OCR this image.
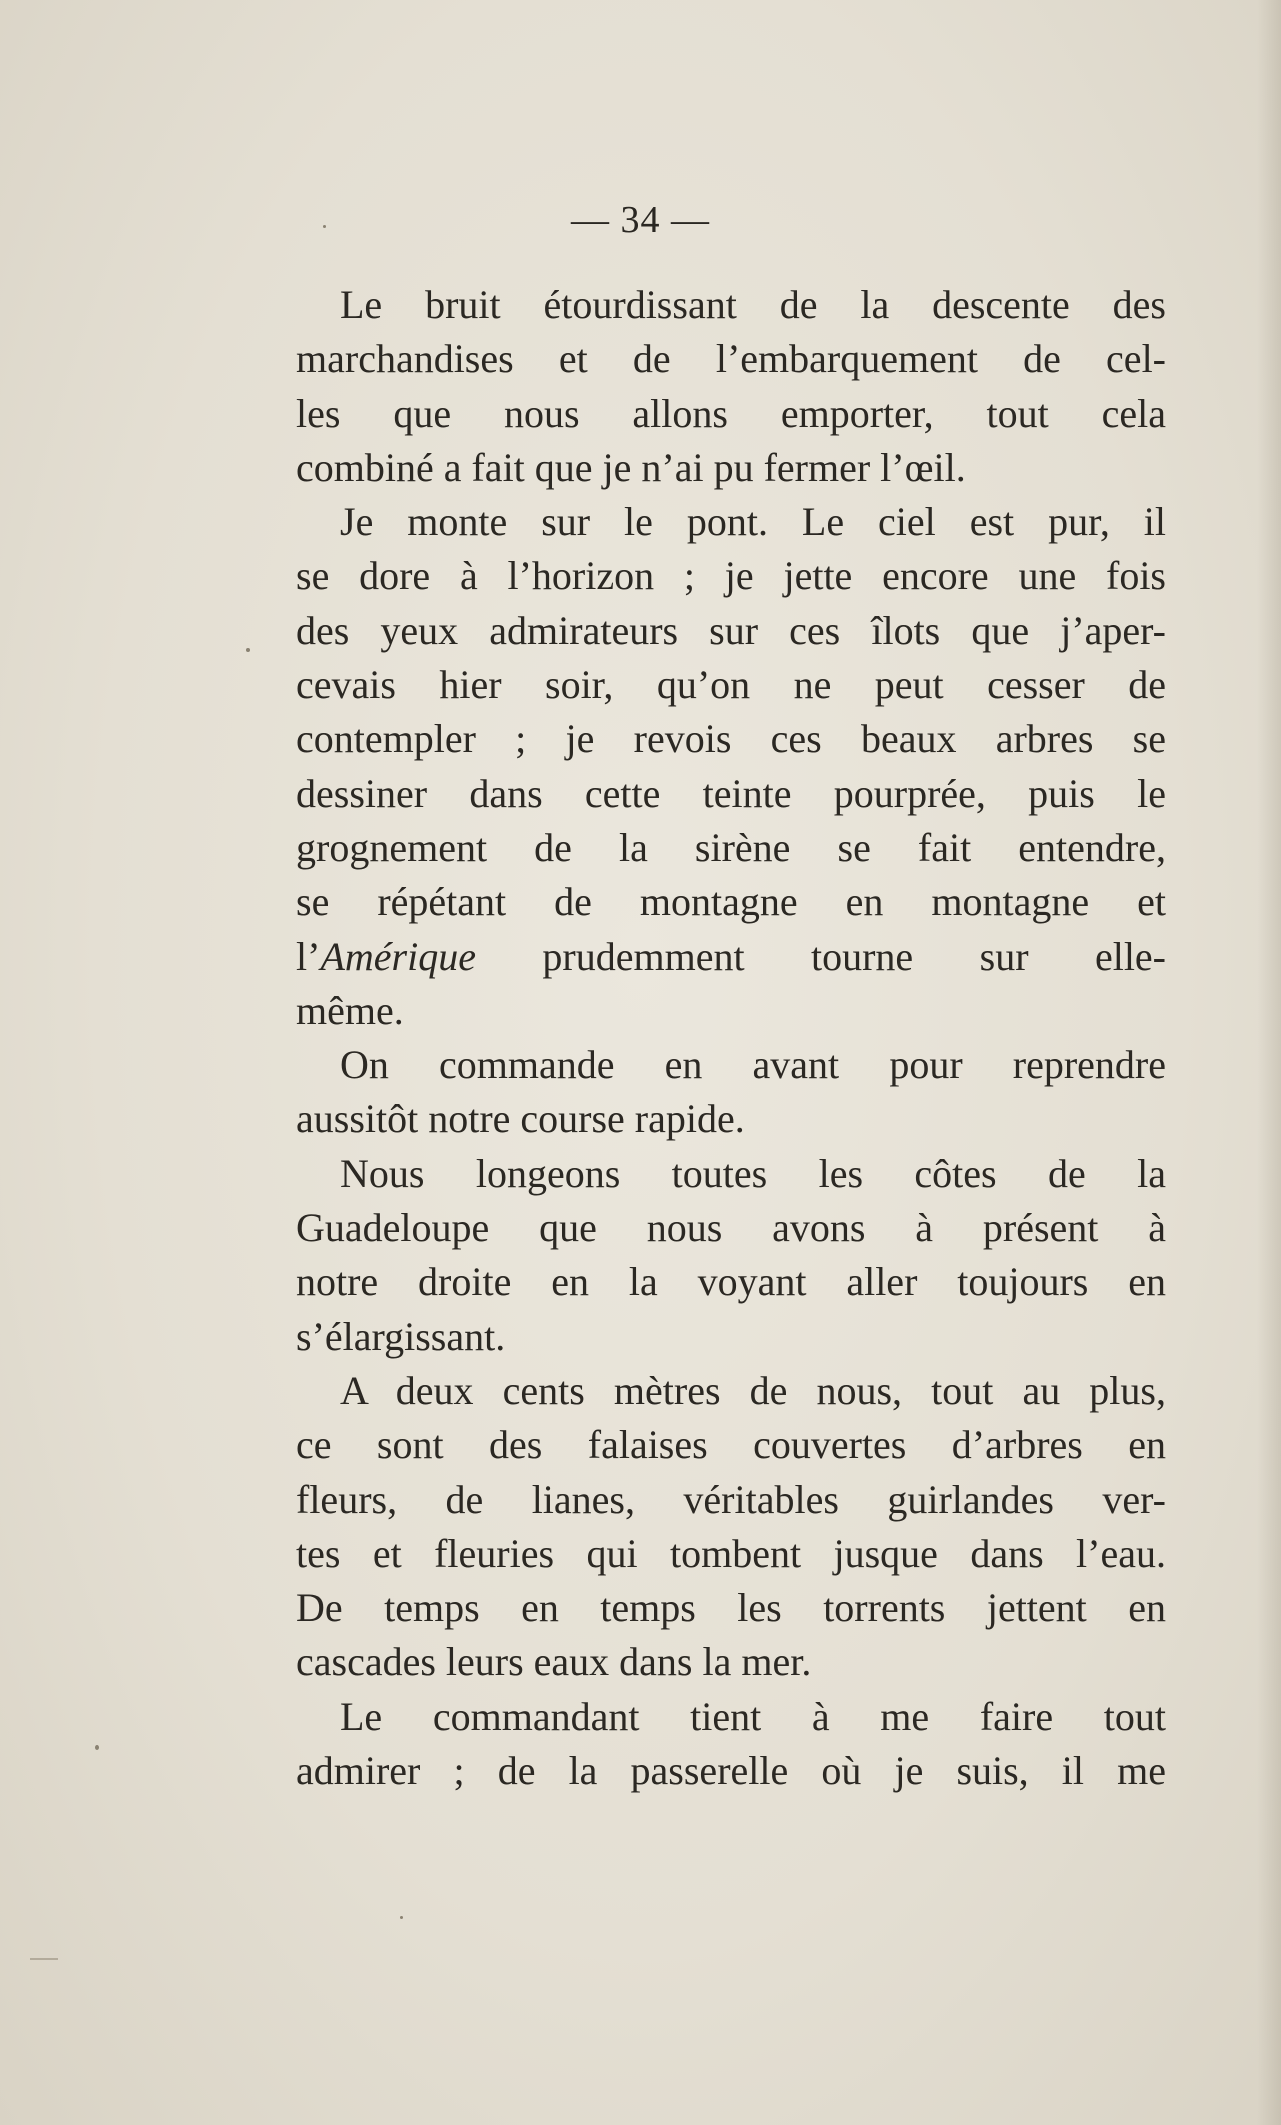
— 34 —
Le bruit étourdissant de la descente des
marchandises et de l’embarquement de cel-
les que nous allons emporter, tout cela
combiné a fait que je n’ai pu fermer l’œil.
Je monte sur le pont. Le ciel est pur, il
se dore à l’horizon ; je jette encore une fois
des yeux admirateurs sur ces îlots que j’aper-
cevais hier soir, qu’on ne peut cesser de
contempler ; je revois ces beaux arbres se
dessiner dans cette teinte pourprée, puis le
grognement de la sirène se fait entendre,
se répétant de montagne en montagne et
l’Amérique prudemment tourne sur elle-
même.
On commande en avant pour reprendre
aussitôt notre course rapide.
Nous longeons toutes les côtes de la
Guadeloupe que nous avons à présent à
notre droite en la voyant aller toujours en
s’élargissant.
A deux cents mètres de nous, tout au plus,
ce sont des falaises couvertes d’arbres en
fleurs, de lianes, véritables guirlandes ver-
tes et fleuries qui tombent jusque dans l’eau.
De temps en temps les torrents jettent en
cascades leurs eaux dans la mer.
Le commandant tient à me faire tout
admirer ; de la passerelle où je suis, il me
